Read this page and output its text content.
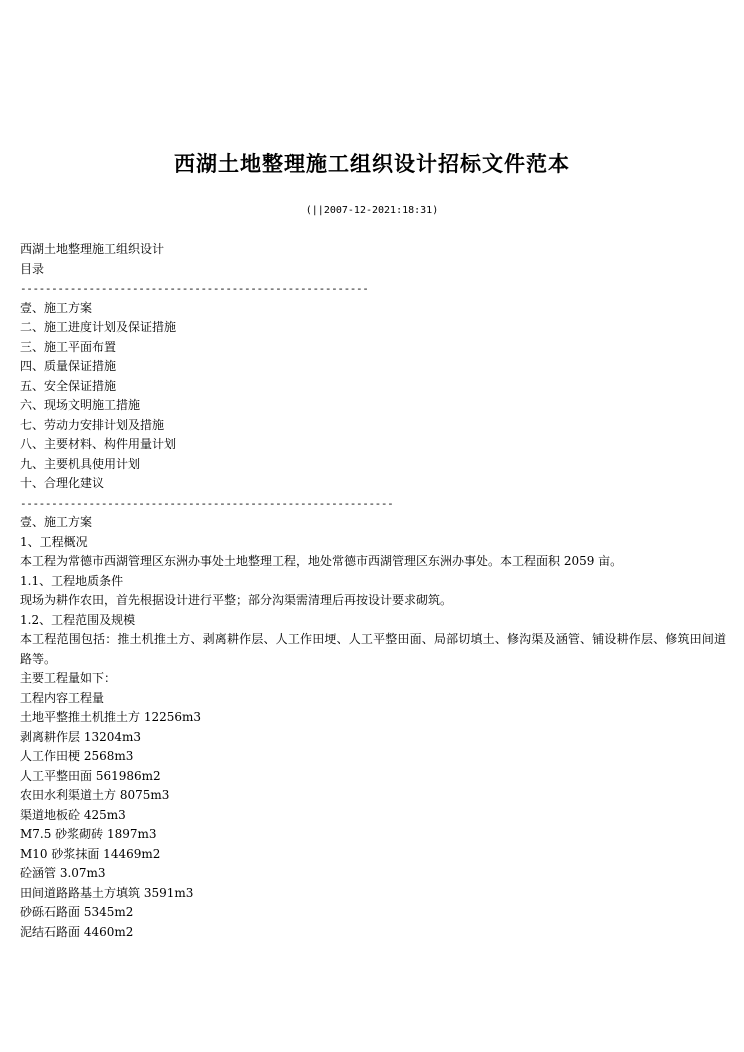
西湖土地整理施工组织设计招标文件范本
(||2007-12-2021:18:31)

西湖土地整理施工组织设计

目录

--------------------------------------------------------

壹、施工方案

二、施工进度计划及保证措施

三、施工平面布置

四、质量保证措施

五、安全保证措施

六、现场文明施工措施

七、劳动力安排计划及措施

八、主要材料、构件用量计划

九、主要机具使用计划

十、合理化建议

------------------------------------------------------------

壹、施工方案

1、工程概况

本工程为常德市西湖管理区东洲办事处土地整理工程，地处常德市西湖管理区东洲办事处。本工程面积 2059 亩。

1.1、工程地质条件

现场为耕作农田，首先根据设计进行平整；部分沟渠需清理后再按设计要求砌筑。

1.2、工程范围及规模

本工程范围包括：推土机推土方、剥离耕作层、人工作田埂、人工平整田面、局部切填土、修沟渠及涵管、铺设耕作层、修筑田间道路等。

主要工程量如下：

工程内容工程量

土地平整推土机推土方 12256m3

剥离耕作层 13204m3

人工作田梗 2568m3

人工平整田面 561986m2

农田水利渠道土方 8075m3

渠道地板砼 425m3

M7.5 砂浆砌砖 1897m3

M10 砂浆抹面 14469m2

砼涵管 3.07m3

田间道路路基土方填筑 3591m3

砂砾石路面 5345m2

泥结石路面 4460m2
